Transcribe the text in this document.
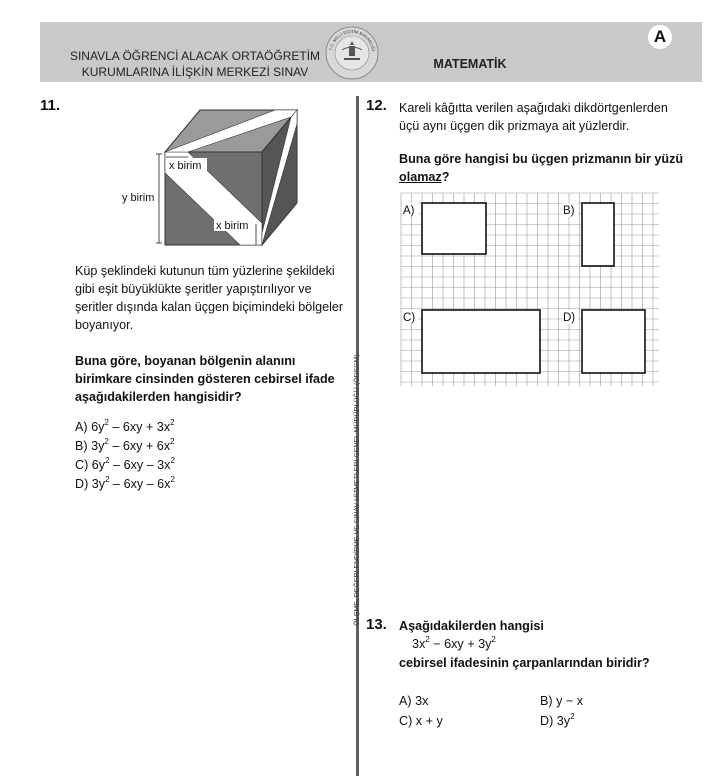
SINAVLA ÖĞRENCİ ALACAK ORTAÖĞRETİM
KURUMLARINA İLİŞKİN MERKEZİ SINAV
T.C. MİLLİ EĞİTİM BAKANLIĞI
MATEMATİK
A
ÖLÇME, DEĞERLENDİRME VE SINAV HİZMETLERİ GENEL MÜDÜRLÜĞÜ (ÖDSGM)
11.
x birim
y birim
x birim
Küp şeklindeki kutunun tüm yüzlerine şekildeki gibi eşit büyüklükte şeritler yapıştırılıyor ve şeritler dışında kalan üçgen biçimindeki bölgeler boyanıyor.
Buna göre, boyanan bölgenin alanını birimkare cinsinden gösteren cebirsel ifade aşağıdakilerden hangisidir?
A) $6y^2 - 6xy + 3x^2$
B) $3y^2 - 6xy + 6x^2$
C) $6y^2 - 6xy - 3x^2$
D) $3y^2 - 6xy - 6x^2$
12. Kareli kâğıtta verilen aşağıdaki dikdörtgenlerden üçü aynı üçgen dik prizmaya ait yüzlerdir.
Buna göre hangisi bu üçgen prizmanın bir yüzü olamaz?
A)	B)
C)	D)
13. Aşağıdakilerden hangisi
$3x^2 - 6xy + 3y^2$
cebirsel ifadesinin çarpanlarından biridir?
A) 3x	B) y − x
C) x + y	D) $3y^2$
